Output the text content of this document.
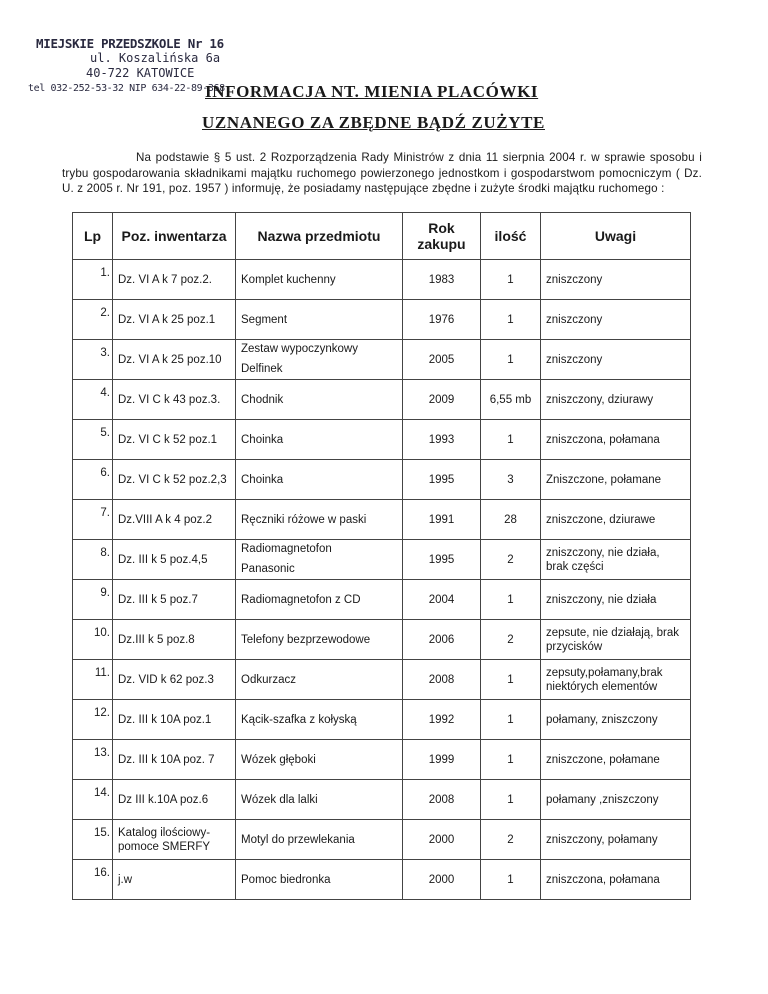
MIEJSKIE PRZEDSZKOLE Nr 16
ul. Koszalińska 6a
40-722 KATOWICE
tel 032-252-53-32 NIP 634-22-89-368
INFORMACJA NT. MIENIA PLACÓWKI
UZNANEGO ZA ZBĘDNE BĄDŹ ZUŻYTE
Na podstawie § 5 ust. 2 Rozporządzenia Rady Ministrów z dnia 11 sierpnia 2004 r. w sprawie sposobu i trybu gospodarowania składnikami majątku ruchomego powierzonego jednostkom i gospodarstwom pomocniczym ( Dz. U. z 2005 r. Nr 191, poz. 1957 ) informuję, że posiadamy następujące zbędne i zużyte środki majątku ruchomego :
Lp	Poz. inwentarza	Nazwa przedmiotu	Rok zakupu	ilość	Uwagi
1.	Dz. VI A k 7 poz.2.	Komplet kuchenny	1983	1	zniszczony
2.	Dz. VI A k 25 poz.1	Segment	1976	1	zniszczony
3.	Dz. VI A k 25 poz.10	Zestaw wypoczynkowy
Delfinek	2005	1	zniszczony
4.	Dz. VI C k 43 poz.3.	Chodnik	2009	6,55 mb	zniszczony, dziurawy
5.	Dz. VI C k 52 poz.1	Choinka	1993	1	zniszczona, połamana
6.	Dz. VI C k 52 poz.2,3	Choinka	1995	3	Zniszczone, połamane
7.	Dz.VIII A k 4 poz.2	Ręczniki różowe w paski	1991	28	zniszczone, dziurawe
8.	Dz. III k 5 poz.4,5	Radiomagnetofon
Panasonic	1995	2	zniszczony, nie działa, brak części
9.	Dz. III k 5 poz.7	Radiomagnetofon z CD	2004	1	zniszczony, nie działa
10.	Dz.III k 5 poz.8	Telefony bezprzewodowe	2006	2	zepsute, nie działają, brak przycisków
11.	Dz. VID k 62 poz.3	Odkurzacz	2008	1	zepsuty,połamany,brak niektórych elementów
12.	Dz. III k 10A poz.1	Kącik-szafka z kołyską	1992	1	połamany, zniszczony
13.	Dz. III k 10A poz. 7	Wózek głęboki	1999	1	zniszczone, połamane
14.	Dz III k.10A poz.6	Wózek dla lalki	2008	1	połamany ,zniszczony
15.	Katalog ilościowy-pomoce SMERFY	Motyl do przewlekania	2000	2	zniszczony, połamany
16.	j.w	Pomoc biedronka	2000	1	zniszczona, połamana
